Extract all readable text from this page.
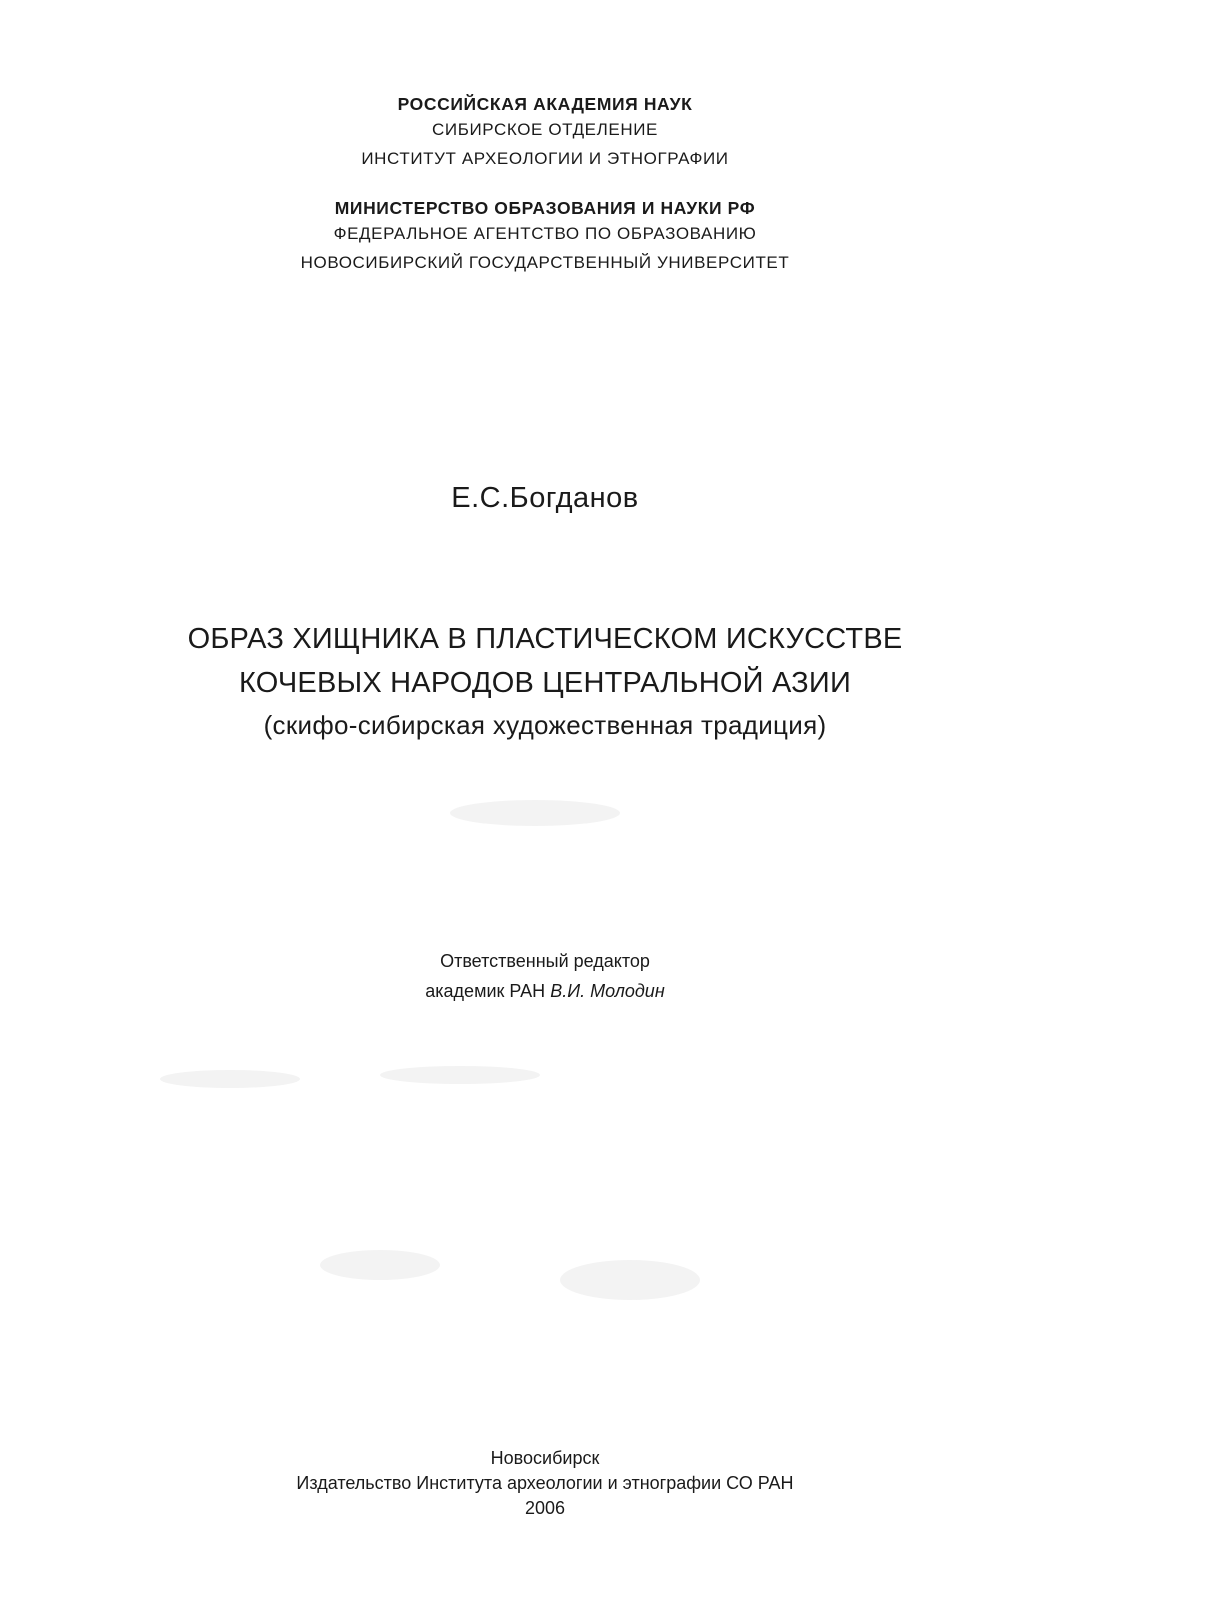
РОССИЙСКАЯ АКАДЕМИЯ НАУК
СИБИРСКОЕ ОТДЕЛЕНИЕ
ИНСТИТУТ АРХЕОЛОГИИ И ЭТНОГРАФИИ
МИНИСТЕРСТВО ОБРАЗОВАНИЯ И НАУКИ РФ
ФЕДЕРАЛЬНОЕ АГЕНТСТВО ПО ОБРАЗОВАНИЮ
НОВОСИБИРСКИЙ ГОСУДАРСТВЕННЫЙ УНИВЕРСИТЕТ
Е.С.Богданов
ОБРАЗ ХИЩНИКА В ПЛАСТИЧЕСКОМ ИСКУССТВЕ
КОЧЕВЫХ НАРОДОВ ЦЕНТРАЛЬНОЙ АЗИИ
(скифо-сибирская художественная традиция)
Ответственный редактор
академик РАН В.И. Молодин
Новосибирск
Издательство Института археологии и этнографии СО РАН
2006
